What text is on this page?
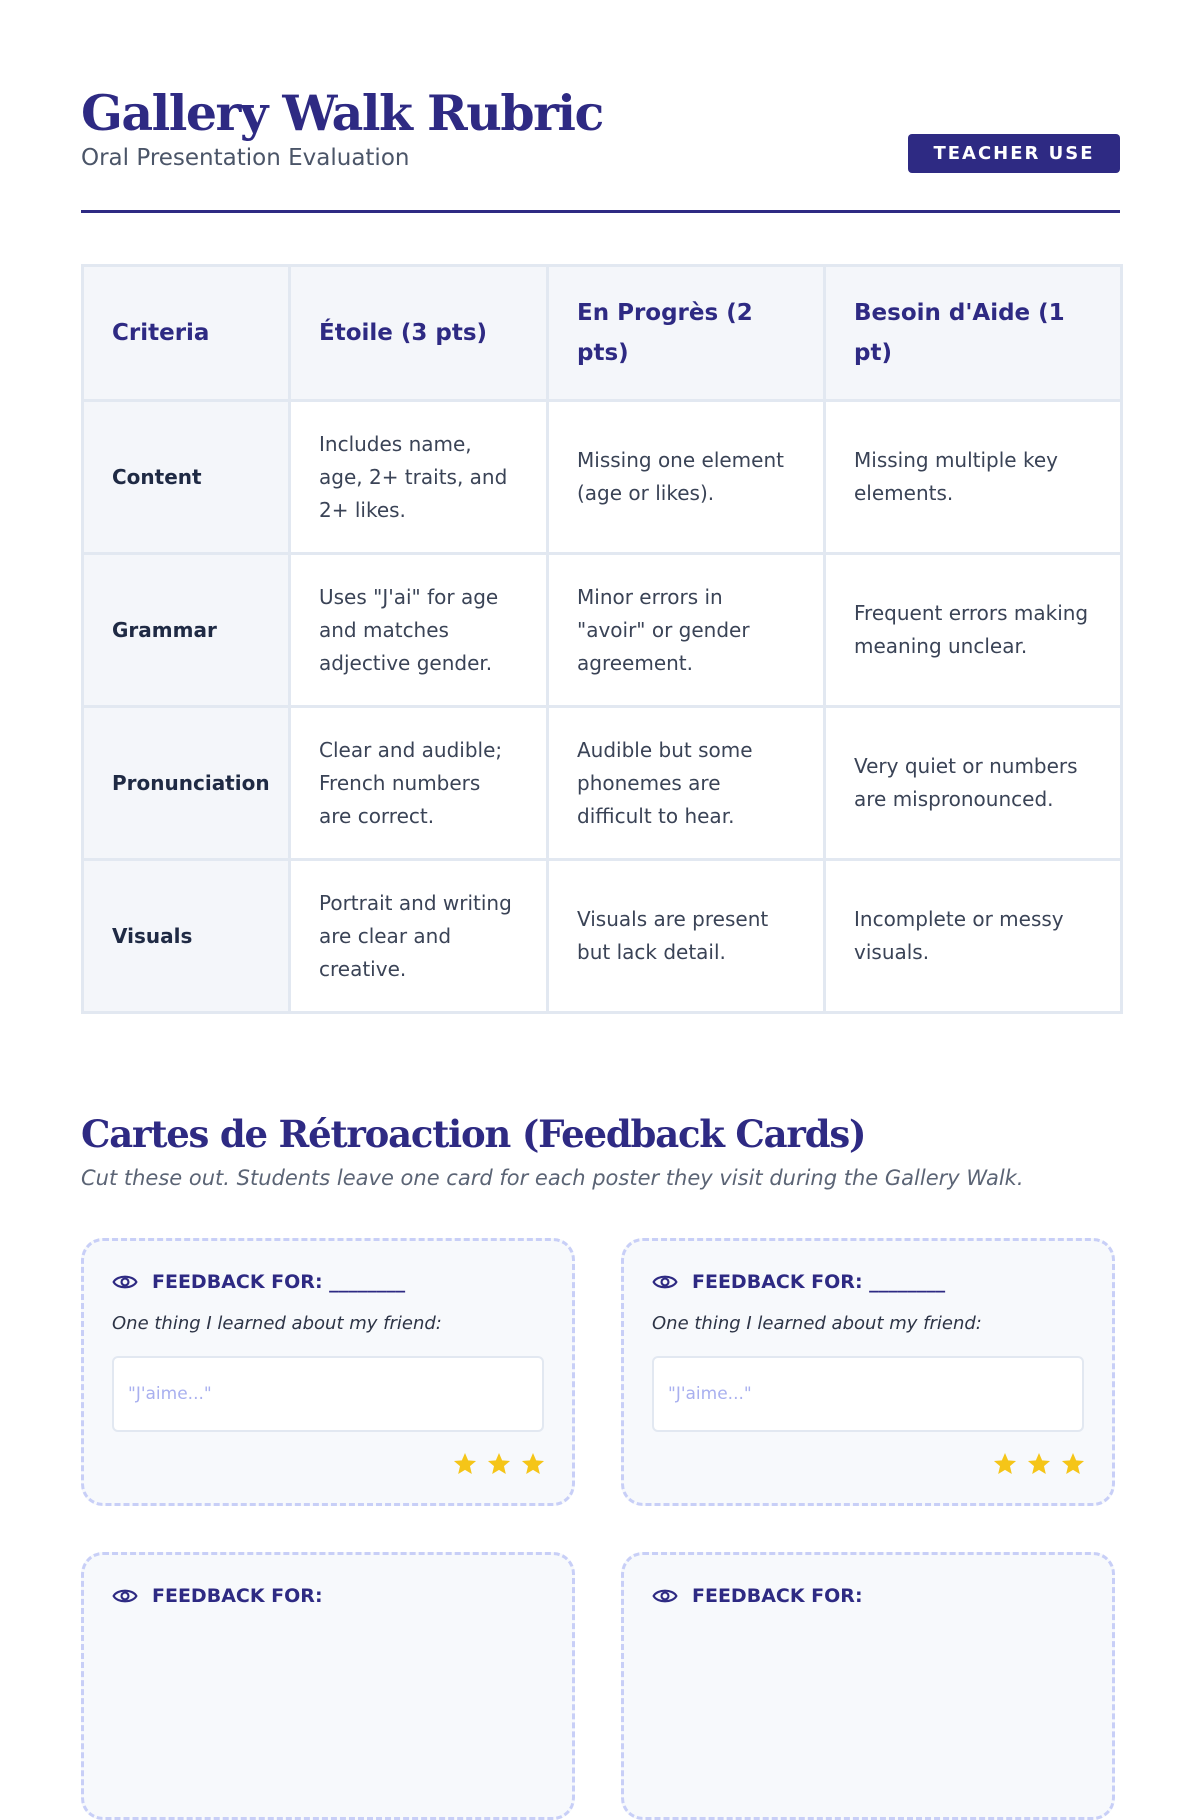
Gallery Walk Rubric
Oral Presentation Evaluation	TEACHER USE
Criteria	Étoile (3 pts)	En Progrès (2 pts)	Besoin d'Aide (1 pt)
Content	Includes name, age, 2+ traits, and 2+ likes.	Missing one element (age or likes).	Missing multiple key elements.
Grammar	Uses "J'ai" for age and matches adjective gender.	Minor errors in "avoir" or gender agreement.	Frequent errors making meaning unclear.
Pronunciation	Clear and audible; French numbers are correct.	Audible but some phonemes are difficult to hear.	Very quiet or numbers are mispronounced.
Visuals	Portrait and writing are clear and creative.	Visuals are present but lack detail.	Incomplete or messy visuals.
Cartes de Rétroaction (Feedback Cards)
Cut these out. Students leave one card for each poster they visit during the Gallery Walk.
FEEDBACK FOR: ________
One thing I learned about my friend:
"J'aime..."
FEEDBACK FOR: ________
One thing I learned about my friend:
"J'aime..."
FEEDBACK FOR:	FEEDBACK FOR:
